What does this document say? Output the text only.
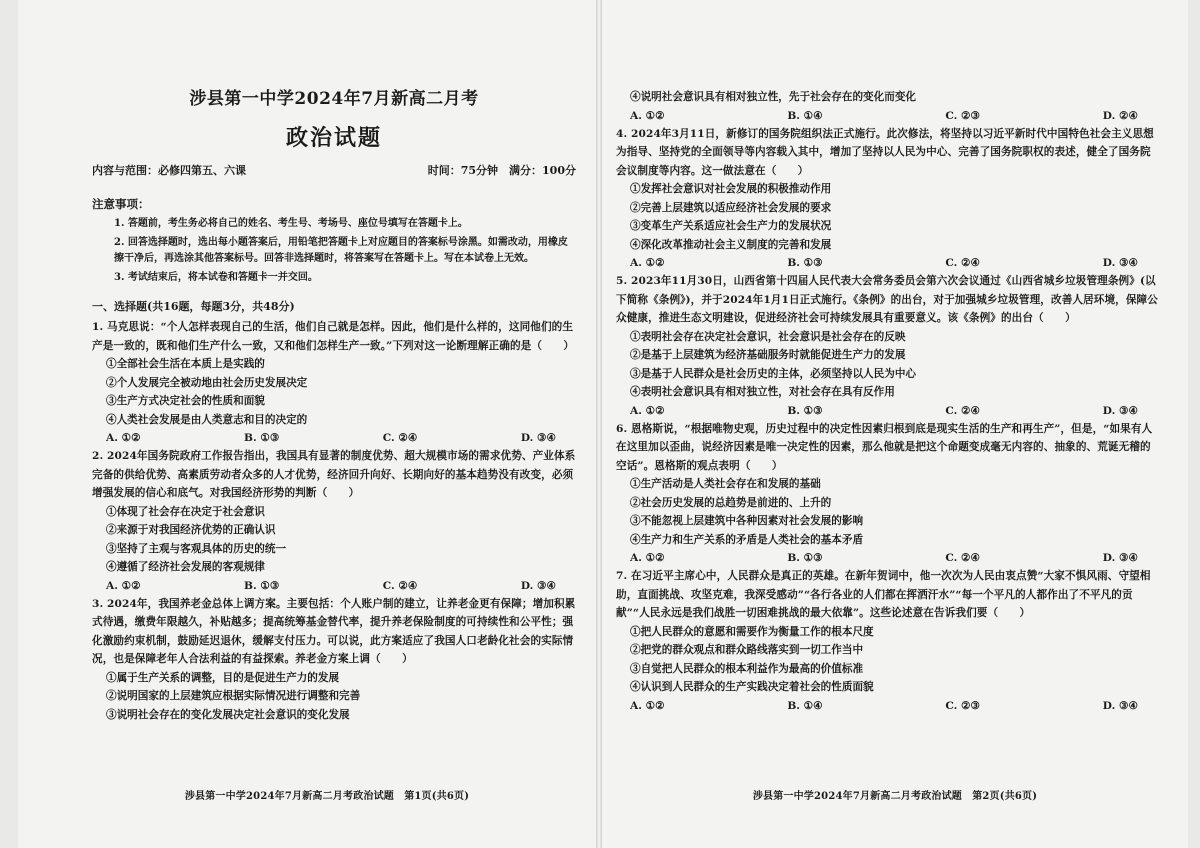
涉县第一中学2024年7月新高二月考
政治试题
内容与范围：必修四第五、六课	时间：75分钟　满分：100分
注意事项：
1. 答题前，考生务必将自己的姓名、考生号、考场号、座位号填写在答题卡上。
2. 回答选择题时，选出每小题答案后，用铅笔把答题卡上对应题目的答案标号涂黑。如需改动，用橡皮擦干净后，再选涂其他答案标号。回答非选择题时，将答案写在答题卡上。写在本试卷上无效。
3. 考试结束后，将本试卷和答题卡一并交回。
一、选择题(共16题，每题3分，共48分)

1. 马克思说：“个人怎样表现自己的生活，他们自己就是怎样。因此，他们是什么样的，这同他们的生产是一致的，既和他们生产什么一致，又和他们怎样生产一致。”下列对这一论断理解正确的是（　　）

①全部社会生活在本质上是实践的

②个人发展完全被动地由社会历史发展决定

③生产方式决定社会的性质和面貌

④人类社会发展是由人类意志和目的决定的

A. ①②	B. ①③	C. ②④	D. ③④

2. 2024年国务院政府工作报告指出，我国具有显著的制度优势、超大规模市场的需求优势、产业体系完备的供给优势、高素质劳动者众多的人才优势，经济回升向好、长期向好的基本趋势没有改变，必须增强发展的信心和底气。对我国经济形势的判断（　　）

①体现了社会存在决定于社会意识

②来源于对我国经济优势的正确认识

③坚持了主观与客观具体的历史的统一

④遵循了经济社会发展的客观规律

A. ①②	B. ①③	C. ②④	D. ③④

3. 2024年，我国养老金总体上调方案。主要包括：个人账户制的建立，让养老金更有保障；增加积累式待遇，缴费年限越久，补贴越多；提高统筹基金替代率，提升养老保险制度的可持续性和公平性；强化激励约束机制，鼓励延迟退休，缓解支付压力。可以说，此方案适应了我国人口老龄化社会的实际情况，也是保障老年人合法利益的有益探索。养老金方案上调（　　）

①属于生产关系的调整，目的是促进生产力的发展

②说明国家的上层建筑应根据实际情况进行调整和完善

③说明社会存在的变化发展决定社会意识的变化发展

涉县第一中学2024年7月新高二月考政治试题　第1页(共6页)

④说明社会意识具有相对独立性，先于社会存在的变化而变化

A. ①②	B. ①④	C. ②③	D. ②④

4. 2024年3月11日，新修订的国务院组织法正式施行。此次修法，将坚持以习近平新时代中国特色社会主义思想为指导、坚持党的全面领导等内容载入其中，增加了坚持以人民为中心、完善了国务院职权的表述，健全了国务院会议制度等内容。这一做法意在（　　）

①发挥社会意识对社会发展的积极推动作用

②完善上层建筑以适应经济社会发展的要求

③变革生产关系适应社会生产力的发展状况

④深化改革推动社会主义制度的完善和发展

A. ①②	B. ①③	C. ②④	D. ③④

5. 2023年11月30日，山西省第十四届人民代表大会常务委员会第六次会议通过《山西省城乡垃圾管理条例》(以下简称《条例》)，并于2024年1月1日正式施行。《条例》的出台，对于加强城乡垃圾管理，改善人居环境，保障公众健康，推进生态文明建设，促进经济社会可持续发展具有重要意义。该《条例》的出台（　　）

①表明社会存在决定社会意识，社会意识是社会存在的反映

②是基于上层建筑为经济基础服务时就能促进生产力的发展

③是基于人民群众是社会历史的主体，必须坚持以人民为中心

④表明社会意识具有相对独立性，对社会存在具有反作用

A. ①②	B. ①③	C. ②④	D. ③④

6. 恩格斯说，“根据唯物史观，历史过程中的决定性因素归根到底是现实生活的生产和再生产”，但是，“如果有人在这里加以歪曲，说经济因素是唯一决定性的因素，那么他就是把这个命题变成毫无内容的、抽象的、荒诞无稽的空话”。恩格斯的观点表明（　　）

①生产活动是人类社会存在和发展的基础

②社会历史发展的总趋势是前进的、上升的

③不能忽视上层建筑中各种因素对社会发展的影响

④生产力和生产关系的矛盾是人类社会的基本矛盾

A. ①②	B. ①③	C. ②④	D. ③④

7. 在习近平主席心中，人民群众是真正的英雄。在新年贺词中，他一次次为人民由衷点赞“大家不惧风雨、守望相助，直面挑战、攻坚克难，我深受感动”“各行各业的人们都在挥洒汗水”“每一个平凡的人都作出了不平凡的贡献”“人民永远是我们战胜一切困难挑战的最大依靠”。这些论述意在告诉我们要（　　）

①把人民群众的意愿和需要作为衡量工作的根本尺度

②把党的群众观点和群众路线落实到一切工作当中

③自觉把人民群众的根本利益作为最高的价值标准

④认识到人民群众的生产实践决定着社会的性质面貌

A. ①②	B. ①④	C. ②③	D. ③④
涉县第一中学2024年7月新高二月考政治试题　第2页(共6页)
